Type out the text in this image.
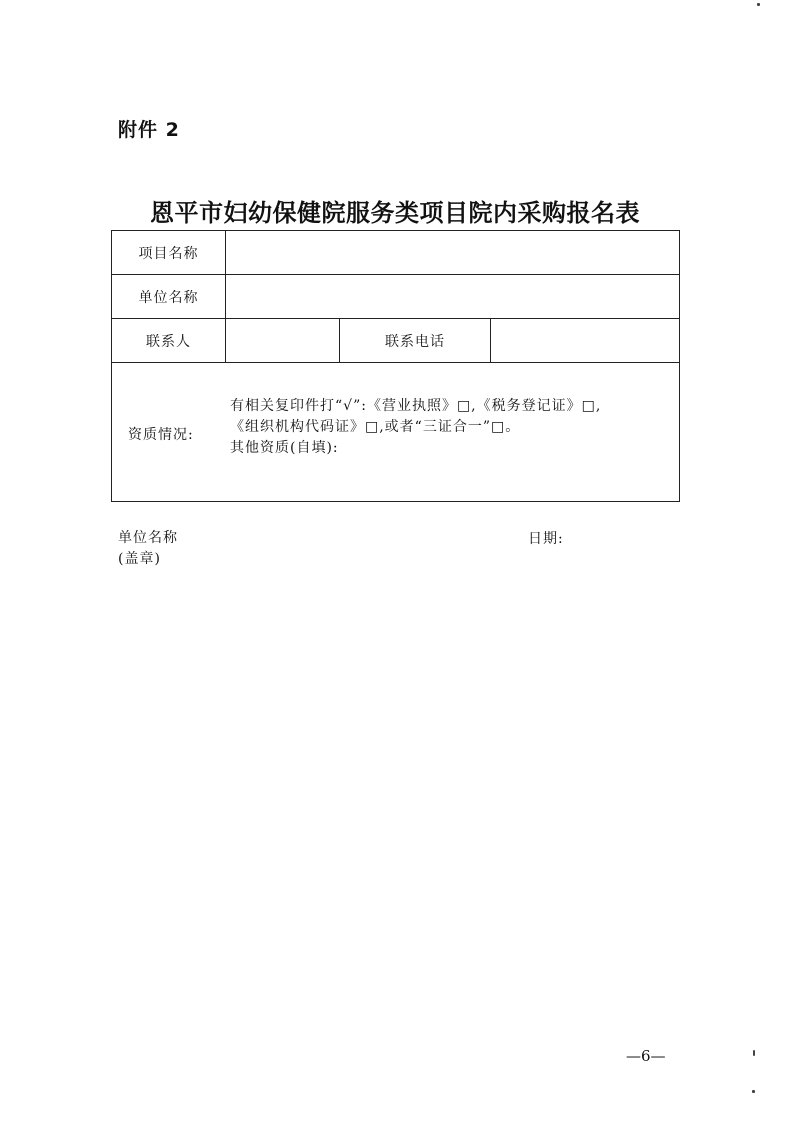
附件 2
恩平市妇幼保健院服务类项目院内采购报名表
项目名称			
单位名称			
联系人		联系电话	

资质情况:
有相关复印件打“√”:《营业执照》□,《税务登记证》□,
《组织机构代码证》□,或者“三证合一”□。
其他资质(自填):			
单位名称
(盖章)
日期:
—6—
